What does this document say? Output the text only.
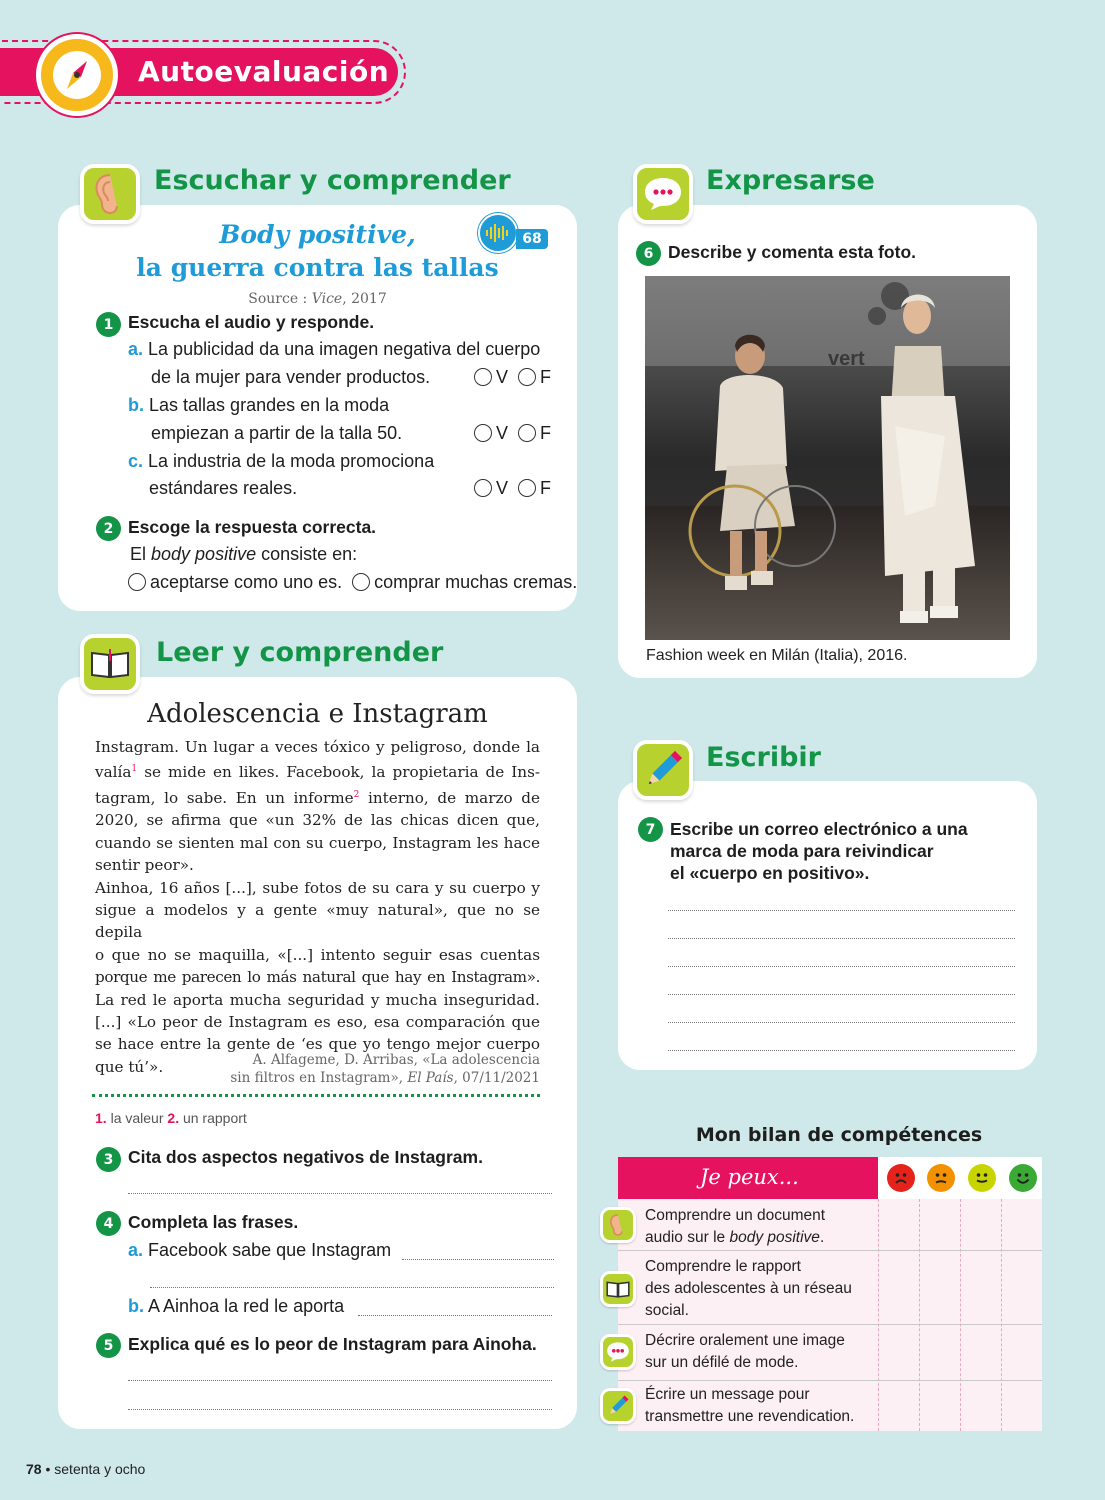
Autoevaluación
Escuchar y comprender
Body positive,
la guerra contra las tallas
68
Source : Vice, 2017
1 Escucha el audio y responde.
a. La publicidad da una imagen negativa del cuerpo
de la mujer para vender productos.	V F
b. Las tallas grandes en la moda
empiezan a partir de la talla 50.	V F
c. La industria de la moda promociona
estándares reales.	V F
2 Escoge la respuesta correcta.
El body positive consiste en:
aceptarse como uno es. comprar muchas cremas.
Leer y comprender
Adolescencia e Instagram
Instagram. Un lugar a veces tóxico y peligroso, donde la
valía$^1$ se mide en likes. Facebook, la propietaria de Ins-
tagram, lo sabe. En un informe$^2$ interno, de marzo de
2020, se afirma que «un 32% de las chicas dicen que,
cuando se sienten mal con su cuerpo, Instagram les hace
sentir peor».
Ainhoa, 16 años [...], sube fotos de su cara y su cuerpo y
sigue a modelos y a gente «muy natural», que no se depila
o que no se maquilla, «[...] intento seguir esas cuentas
porque me parecen lo más natural que hay en Instagram».
La red le aporta mucha seguridad y mucha inseguridad.
[...] «Lo peor de Instagram es eso, esa comparación que
se hace entre la gente de ‘es que yo tengo mejor cuerpo
que tú’».	A. Alfageme, D. Arribas, «La adolescencia
sin filtros en Instagram», El País, 07/11/2021
1. la valeur 2. un rapport
3 Cita dos aspectos negativos de Instagram.
4 Completa las frases.
a. Facebook sabe que Instagram
b. A Ainhoa la red le aporta
5 Explica qué es lo peor de Instagram para Ainoha.
Expresarse
6 Describe y comenta esta foto.
vert
Fashion week en Milán (Italia), 2016.
Escribir
7 Escribe un correo electrónico a una
marca de moda para reivindicar
el «cuerpo en positivo».
Mon bilan de compétences
Je peux...
Comprendre un document
audio sur le body positive.
Comprendre le rapport
des adolescentes à un réseau
social.
Décrire oralement une image
sur un défilé de mode.
Écrire un message pour
transmettre une revendication.
78 • setenta y ocho
